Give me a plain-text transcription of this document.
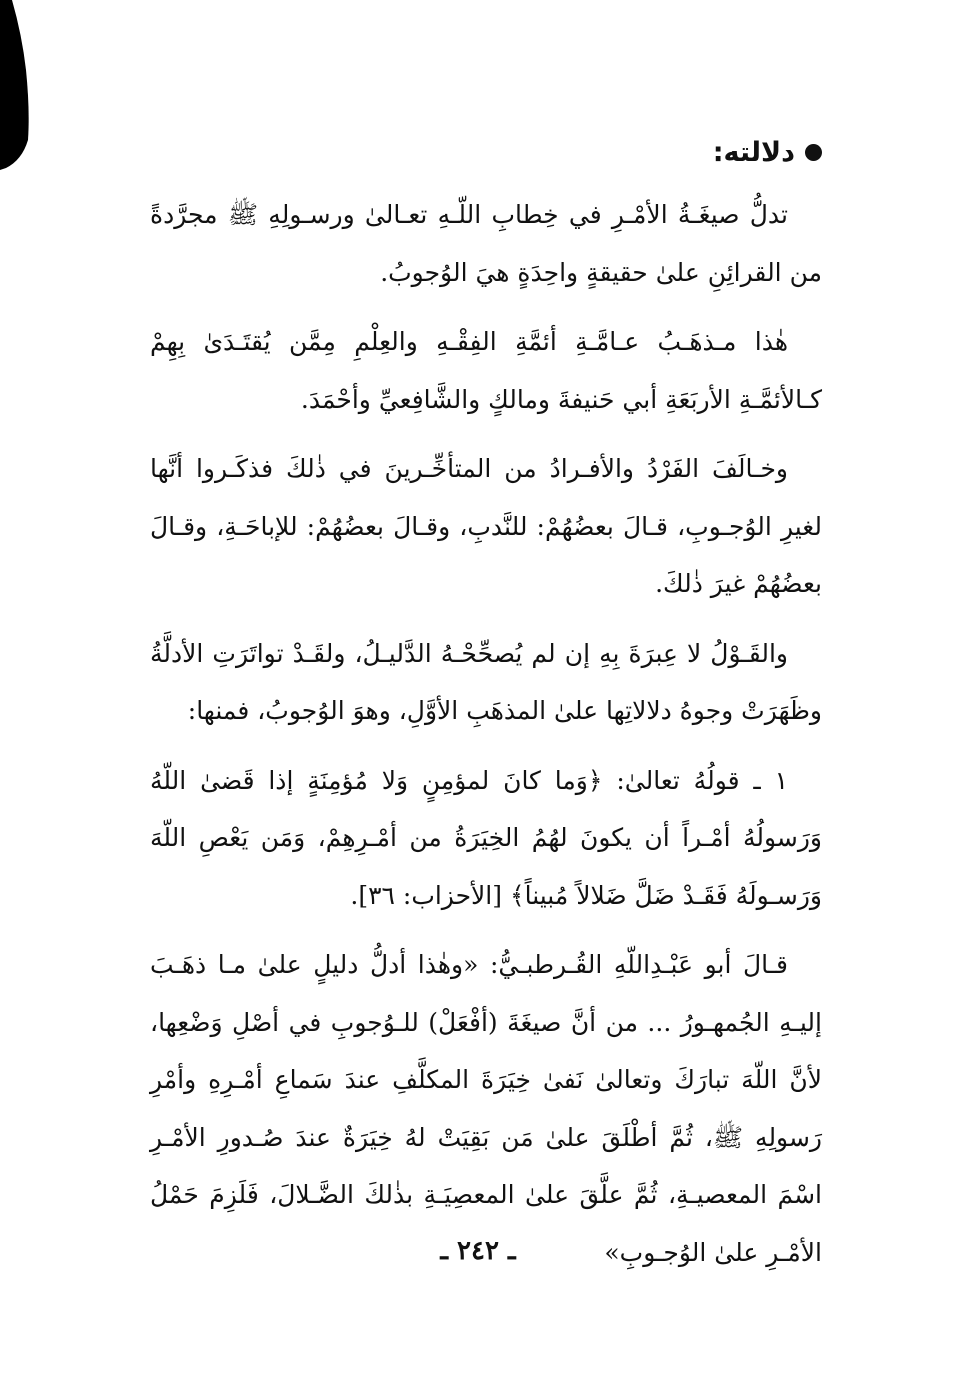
دلالته:

تدلُّ صيغَـةُ الأمْـرِ في خِطابِ اللّـهِ تعـالىٰ ورسـولِهِ ﷺ مجرَّدةً من القرائِنِ علىٰ حقيقةٍ واحِدَةٍ هيَ الوُجوبُ.

هٰذا مـذهَـبُ عـامَّـةِ أئمَّةِ الفِقْـهِ والعِلْمِ مِمَّن يُقتَـدَىٰ بِهِمْ كـالأئمَّـةِ الأربَعَةِ أبي حَنيفةَ ومالكٍ والشَّافِعيِّ وأحْمَدَ.

وخـالَفَ الفَرْدُ والأفـرادُ من المتأخِّـرينَ في ذٰلكَ فذكَـروا أنَّها لغيرِ الوُجـوبِ، قـالَ بعضُهُمْ: للنَّدبِ، وقـالَ بعضُهُمْ: للإباحَـةِ، وقـالَ بعضُهُمْ غيرَ ذٰلكَ.

والقَـوْلُ لا عِبرَةَ بِهِ إن لم يُصحِّحْـهُ الدَّليـلُ، ولقَـدْ تواتَرَتِ الأدلَّةُ وظَهَرَتْ وجوهُ دلالاتِها علىٰ المذهَبِ الأوَّلِ، وهوَ الوُجوبُ، فمنها:

١ ـ قولُهُ تعالىٰ: ﴿وَما كانَ لمؤمِنٍ وَلا مُؤمِنَةٍ إذا قَضىٰ اللّهُ وَرَسولُهُ أمْـراً أن يكونَ لهُمُ الخِيَرَةُ من أمْـرِهِمْ، وَمَن يَعْصِ اللّهَ وَرَسـولَهُ فَقَـدْ ضَلَّ ضَلالاً مُبيناً﴾ [الأحزاب: ٣٦].

قـالَ أبو عَبْـدِاللّهِ القُـرطبـيُّ: «وهٰذا أدلُّ دليلٍ علىٰ مـا ذهَـبَ إليـهِ الجُمهـورُ ... من أنَّ صيغَةَ (أفْعَلْ) للـوُجوبِ في أصْلِ وَضْعِها، لأنَّ اللّهَ تبارَكَ وتعالىٰ نَفىٰ خِيَرَةَ المكلَّفِ عندَ سَماعِ أمْـرِهِ وأمْرِ رَسولِهِ ﷺ، ثُمَّ أطْلَقَ علىٰ مَن بَقِيَتْ لهُ خِيَرَةٌ عندَ صُـدورِ الأمْـرِ اسْمَ المعصيـةِ، ثُمَّ علَّقَ علىٰ المعصِيَـةِ بذٰلكَ الضَّـلالَ، فَلَزِمَ حَمْلُ الأمْـرِ علىٰ الوُجـوبِ»

ـ ٢٤٢ ـ
